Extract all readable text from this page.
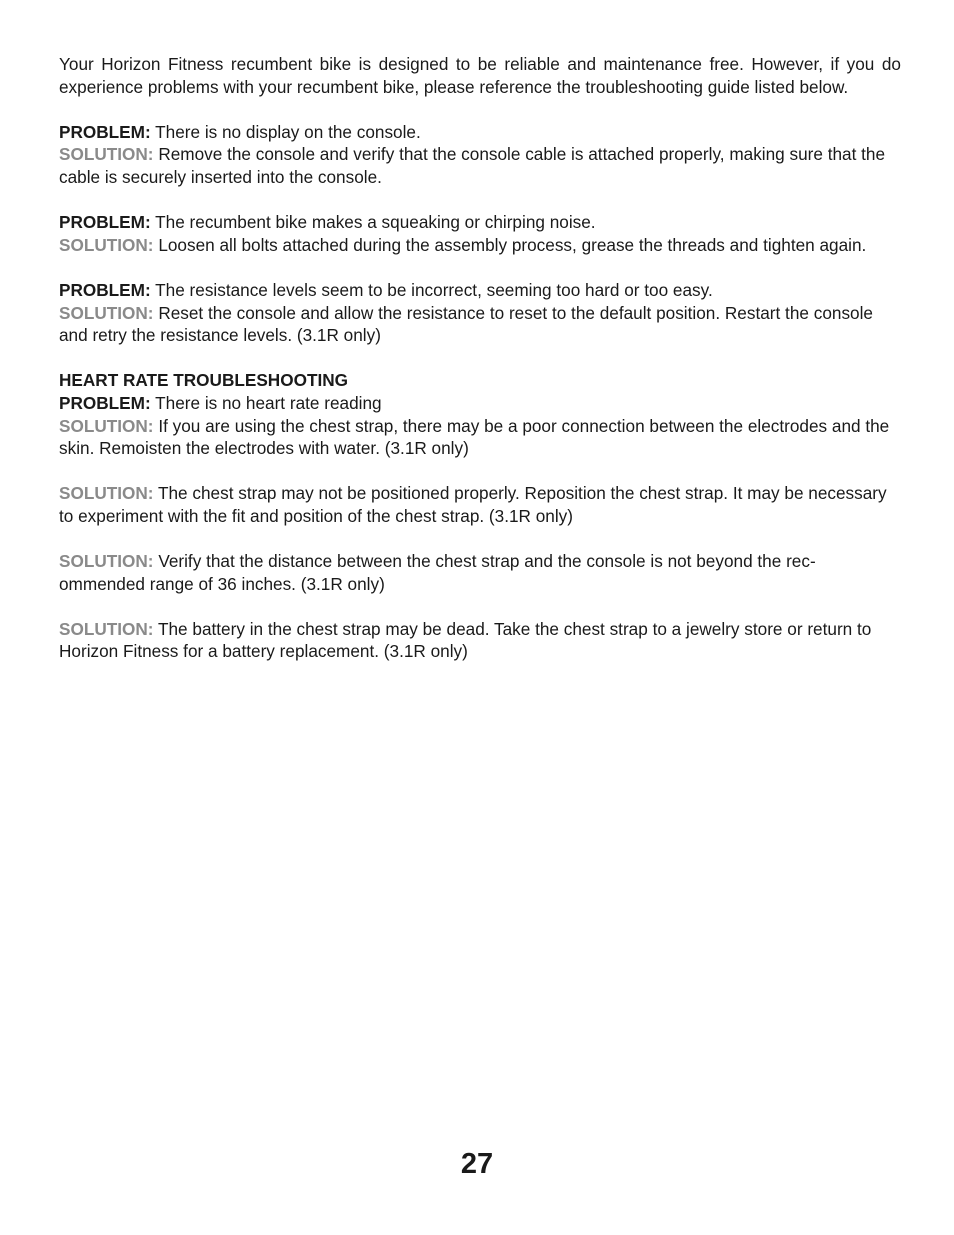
Your Horizon Fitness recumbent bike is designed to be reliable and maintenance free. However, if you do experience problems with your recumbent bike, please reference the troubleshooting guide listed below.

PROBLEM: There is no display on the console.

SOLUTION: Remove the console and verify that the console cable is attached properly, making sure that the cable is securely inserted into the console.

PROBLEM: The recumbent bike makes a squeaking or chirping noise.

SOLUTION: Loosen all bolts attached during the assembly process, grease the threads and tighten again.

PROBLEM: The resistance levels seem to be incorrect, seeming too hard or too easy.

SOLUTION: Reset the console and allow the resistance to reset to the default position. Restart the console and retry the resistance levels. (3.1R only)

HEART RATE TROUBLESHOOTING

PROBLEM: There is no heart rate reading

SOLUTION: If you are using the chest strap, there may be a poor connection between the electrodes and the skin. Remoisten the electrodes with water. (3.1R only)

SOLUTION: The chest strap may not be positioned properly. Reposition the chest strap. It may be necessary to experiment with the fit and position of the chest strap. (3.1R only)

SOLUTION: Verify that the distance between the chest strap and the console is not beyond the rec-ommended range of 36 inches. (3.1R only)

SOLUTION: The battery in the chest strap may be dead. Take the chest strap to a jewelry store or return to Horizon Fitness for a battery replacement. (3.1R only)

27
